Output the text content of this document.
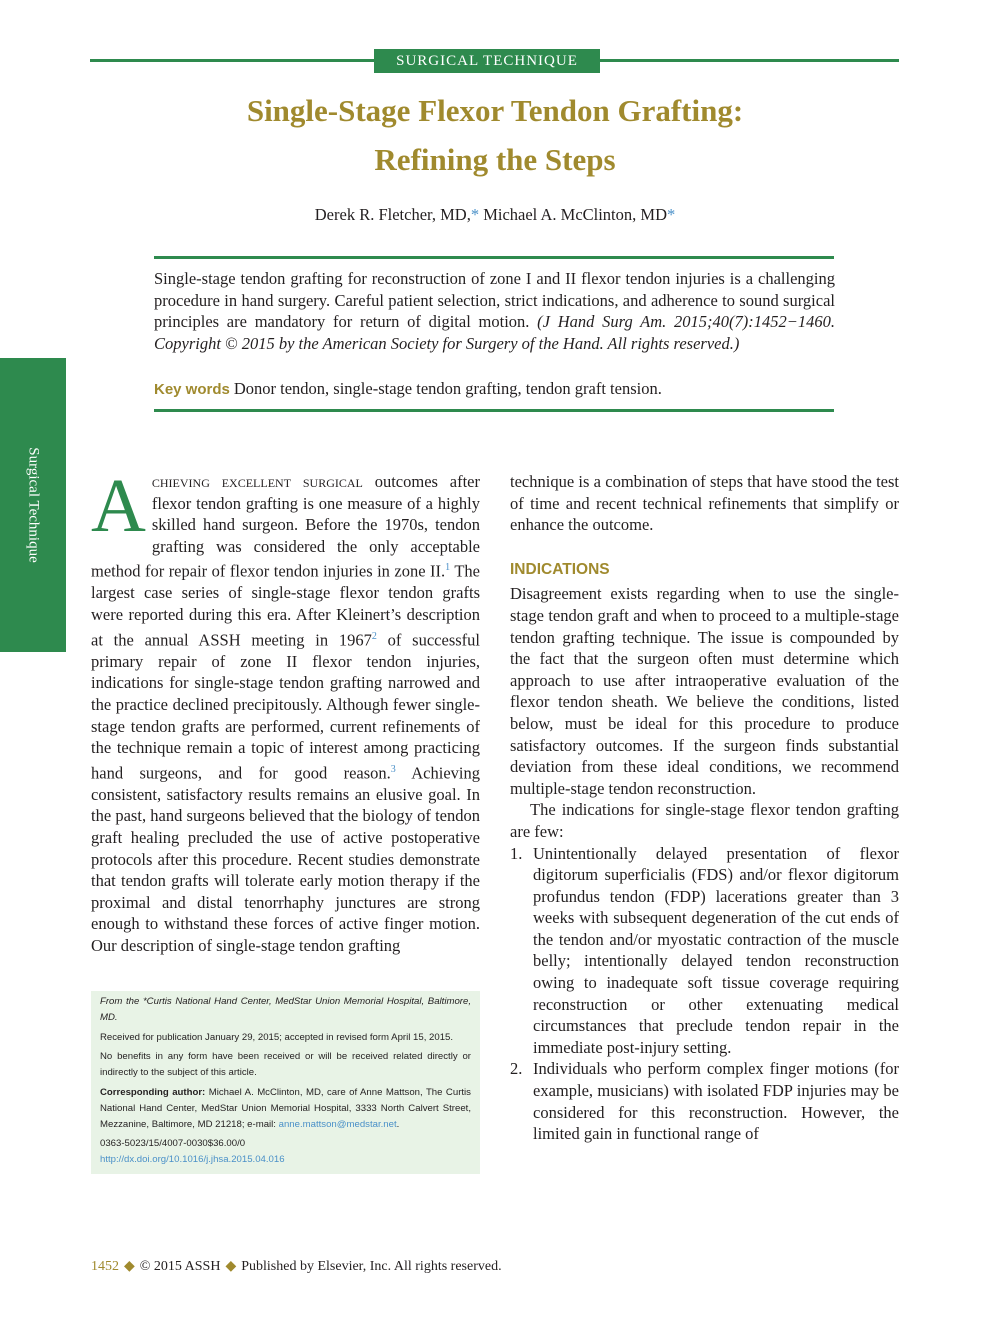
SURGICAL TECHNIQUE
Single-Stage Flexor Tendon Grafting:
Refining the Steps
Derek R. Fletcher, MD,* Michael A. McClinton, MD*
Single-stage tendon grafting for reconstruction of zone I and II flexor tendon injuries is a challenging procedure in hand surgery. Careful patient selection, strict indications, and adherence to sound surgical principles are mandatory for return of digital motion. (J Hand Surg Am. 2015;40(7):1452−1460. Copyright © 2015 by the American Society for Surgery of the Hand. All rights reserved.)
Key words Donor tendon, single-stage tendon grafting, tendon graft tension.
Surgical Technique Achieving excellent surgical outcomes after flexor tendon grafting is one measure of a highly skilled hand surgeon. Before the 1970s, tendon grafting was considered the only acceptable method for repair of flexor tendon injuries in zone II.$^1$ The largest case series of single-stage flexor tendon grafts were reported during this era. After Kleinert’s description at the annual ASSH meeting in 1967$^2$ of successful primary repair of zone II flexor tendon injuries, indications for single-stage tendon grafting narrowed and the practice declined precipitously. Although fewer single-stage tendon grafts are performed, current refinements of the technique remain a topic of interest among practicing hand surgeons, and for good reason.$^3$ Achieving consistent, satisfactory results remains an elusive goal. In the past, hand surgeons believed that the biology of tendon graft healing precluded the use of active postoperative protocols after this procedure. Recent studies demonstrate that tendon grafts will tolerate early motion therapy if the proximal and distal tenorrhaphy junctures are strong enough to withstand these forces of active finger motion. Our description of single-stage tendon grafting

technique is a combination of steps that have stood the test of time and recent technical refinements that simplify or enhance the outcome.

INDICATIONS

Disagreement exists regarding when to use the single-stage tendon graft and when to proceed to a multiple-stage tendon grafting technique. The issue is compounded by the fact that the surgeon often must determine which approach to use after intraoperative evaluation of the flexor tendon sheath. We believe the conditions, listed below, must be ideal for this procedure to produce satisfactory outcomes. If the surgeon finds substantial deviation from these ideal conditions, we recommend multiple-stage tendon reconstruction.

The indications for single-stage flexor tendon grafting are few:

1. Unintentionally delayed presentation of flexor digitorum superficialis (FDS) and/or flexor digitorum profundus tendon (FDP) lacerations greater than 3 weeks with subsequent degeneration of the cut ends of the tendon and/or myostatic contraction of the muscle belly; intentionally delayed tendon reconstruction owing to inadequate soft tissue coverage requiring reconstruction or other extenuating medical circumstances that preclude tendon repair in the immediate post-injury setting.
2. Individuals who perform complex finger motions (for example, musicians) with isolated FDP injuries may be considered for this reconstruction. However, the limited gain in functional range of

From the *Curtis National Hand Center, MedStar Union Memorial Hospital, Baltimore, MD.

Received for publication January 29, 2015; accepted in revised form April 15, 2015.

No benefits in any form have been received or will be received related directly or indirectly to the subject of this article.

Corresponding author: Michael A. McClinton, MD, care of Anne Mattson, The Curtis National Hand Center, MedStar Union Memorial Hospital, 3333 North Calvert Street, Mezzanine, Baltimore, MD 21218; e-mail: anne.mattson@medstar.net.

0363-5023/15/4007-0030$36.00/0
http://dx.doi.org/10.1016/j.jhsa.2015.04.016

1452 ◆ © 2015 ASSH ◆ Published by Elsevier, Inc. All rights reserved.
